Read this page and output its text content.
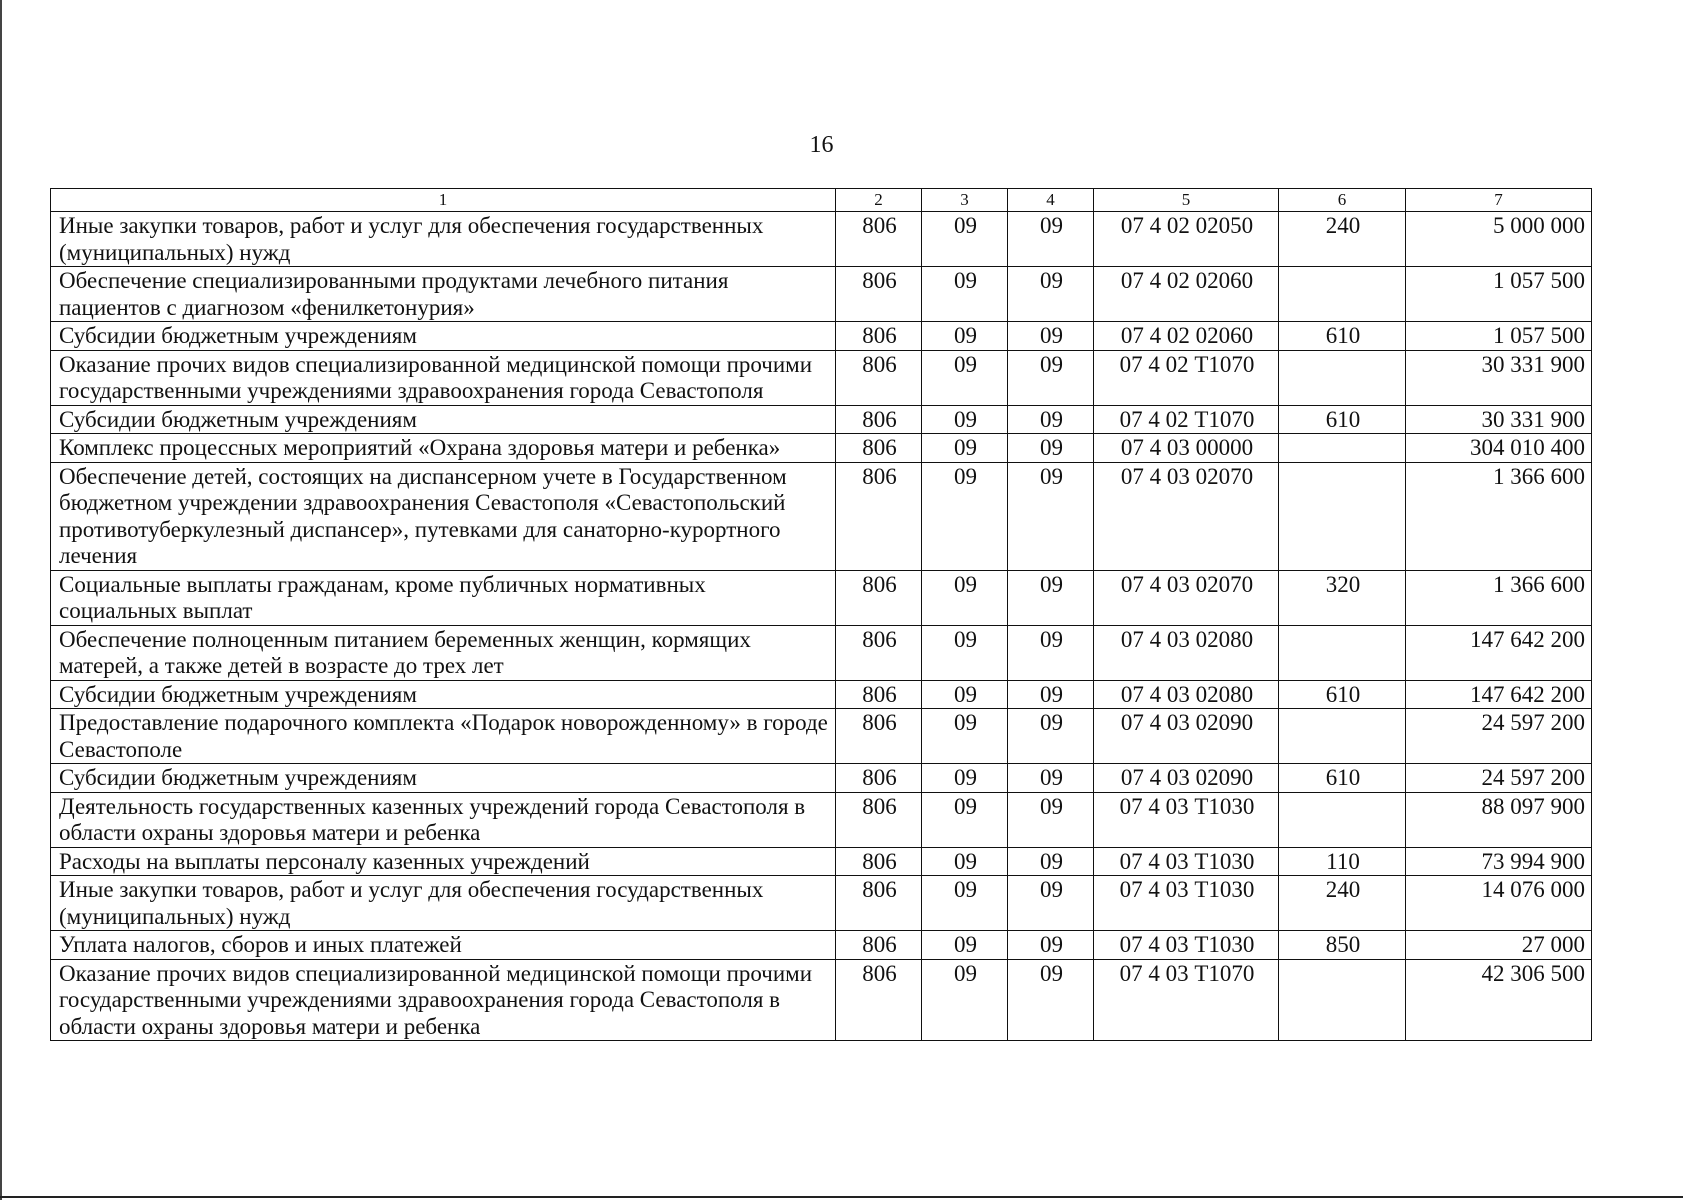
16
1	2	3	4	5	6	7
Иные закупки товаров, работ и услуг для обеспечения государственных (муниципальных) нужд	806	09	09	07 4 02 02050	240	5 000 000
Обеспечение специализированными продуктами лечебного питания пациентов с диагнозом «фенилкетонурия»	806	09	09	07 4 02 02060		1 057 500
Субсидии бюджетным учреждениям	806	09	09	07 4 02 02060	610	1 057 500
Оказание прочих видов специализированной медицинской помощи прочими государственными учреждениями здравоохранения города Севастополя	806	09	09	07 4 02 Т1070		30 331 900
Субсидии бюджетным учреждениям	806	09	09	07 4 02 Т1070	610	30 331 900
Комплекс процессных мероприятий «Охрана здоровья матери и ребенка»	806	09	09	07 4 03 00000		304 010 400
Обеспечение детей, состоящих на диспансерном учете в Государственном бюджетном учреждении здравоохранения Севастополя «Севастопольский противотуберкулезный диспансер», путевками для санаторно-курортного лечения	806	09	09	07 4 03 02070		1 366 600
Социальные выплаты гражданам, кроме публичных нормативных социальных выплат	806	09	09	07 4 03 02070	320	1 366 600
Обеспечение полноценным питанием беременных женщин, кормящих матерей, а также детей в возрасте до трех лет	806	09	09	07 4 03 02080		147 642 200
Субсидии бюджетным учреждениям	806	09	09	07 4 03 02080	610	147 642 200
Предоставление подарочного комплекта «Подарок новорожденному» в городе Севастополе	806	09	09	07 4 03 02090		24 597 200
Субсидии бюджетным учреждениям	806	09	09	07 4 03 02090	610	24 597 200
Деятельность государственных казенных учреждений города Севастополя в области охраны здоровья матери и ребенка	806	09	09	07 4 03 Т1030		88 097 900
Расходы на выплаты персоналу казенных учреждений	806	09	09	07 4 03 Т1030	110	73 994 900
Иные закупки товаров, работ и услуг для обеспечения государственных (муниципальных) нужд	806	09	09	07 4 03 Т1030	240	14 076 000
Уплата налогов, сборов и иных платежей	806	09	09	07 4 03 Т1030	850	27 000
Оказание прочих видов специализированной медицинской помощи прочими государственными учреждениями здравоохранения города Севастополя в области охраны здоровья матери и ребенка	806	09	09	07 4 03 Т1070		42 306 500
